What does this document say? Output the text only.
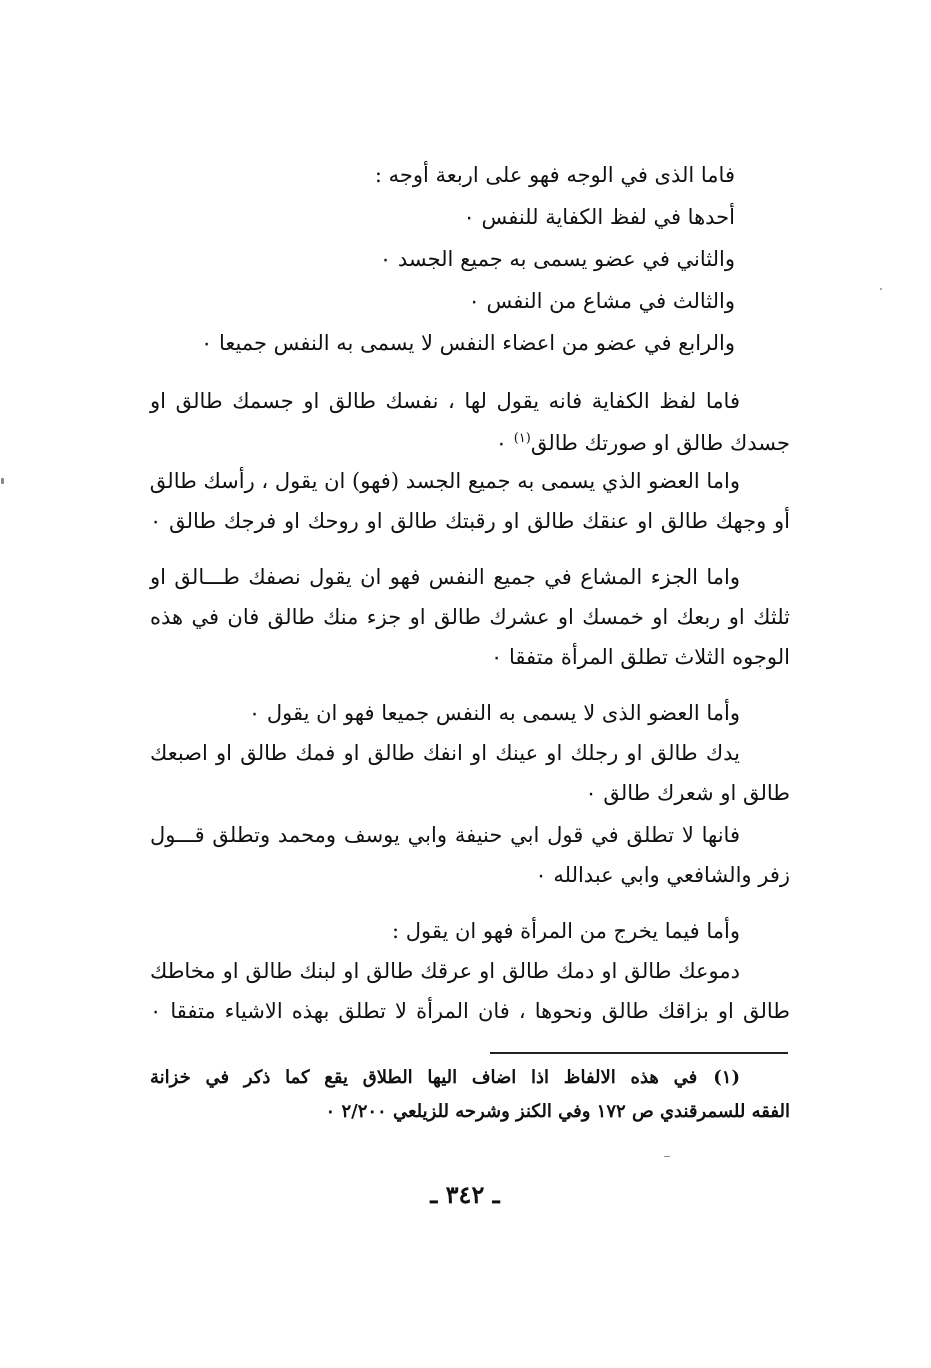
فاما الذى في الوجه فهو على اربعة أوجه :
أحدها في لفظ الكفاية للنفس ٠
والثاني في عضو يسمى به جميع الجسد ٠
والثالث في مشاع من النفس ٠
والرابع في عضو من اعضاء النفس لا يسمى به النفس جميعا ٠
فاما لفظ الكفاية فانه يقول لها ، نفسك طالق او جسمك طالق او
جسدك طالق او صورتك طالق$^{(١)}$ ٠
واما العضو الذي يسمى به جميع الجسد (فهو) ان يقول ، رأسك طالق
أو وجهك طالق او عنقك طالق او رقبتك طالق او روحك او فرجك طالق ٠
واما الجزء المشاع في جميع النفس فهو ان يقول نصفك طـــالق او
ثلثك او ربعك او خمسك او عشرك طالق او جزء منك طالق فان في هذه
الوجوه الثلاث تطلق المرأة متفقا ٠
وأما العضو الذى لا يسمى به النفس جميعا فهو ان يقول ٠
يدك طالق او رجلك او عينك او انفك طالق او فمك طالق او اصبعك
طالق او شعرك طالق ٠
فانها لا تطلق في قول ابي حنيفة وابي يوسف ومحمد وتطلق قـــول
زفر والشافعي وابي عبدالله ٠
وأما فيما يخرج من المرأة فهو ان يقول :
دموعك طالق او دمك طالق او عرقك طالق او لبنك طالق او مخاطك
طالق او بزاقك طالق ونحوها ، فان المرأة لا تطلق بهذه الاشياء متفقا ٠
(١)
في هذه الالفاظ اذا اضاف اليها الطلاق يقع كما ذكر في خزانة
الفقه للسمرقندي ص ١٧٢ وفي الكنز وشرحه للزيلعي ٢/٢٠٠ ٠
ـ ٣٤٢ ـ
